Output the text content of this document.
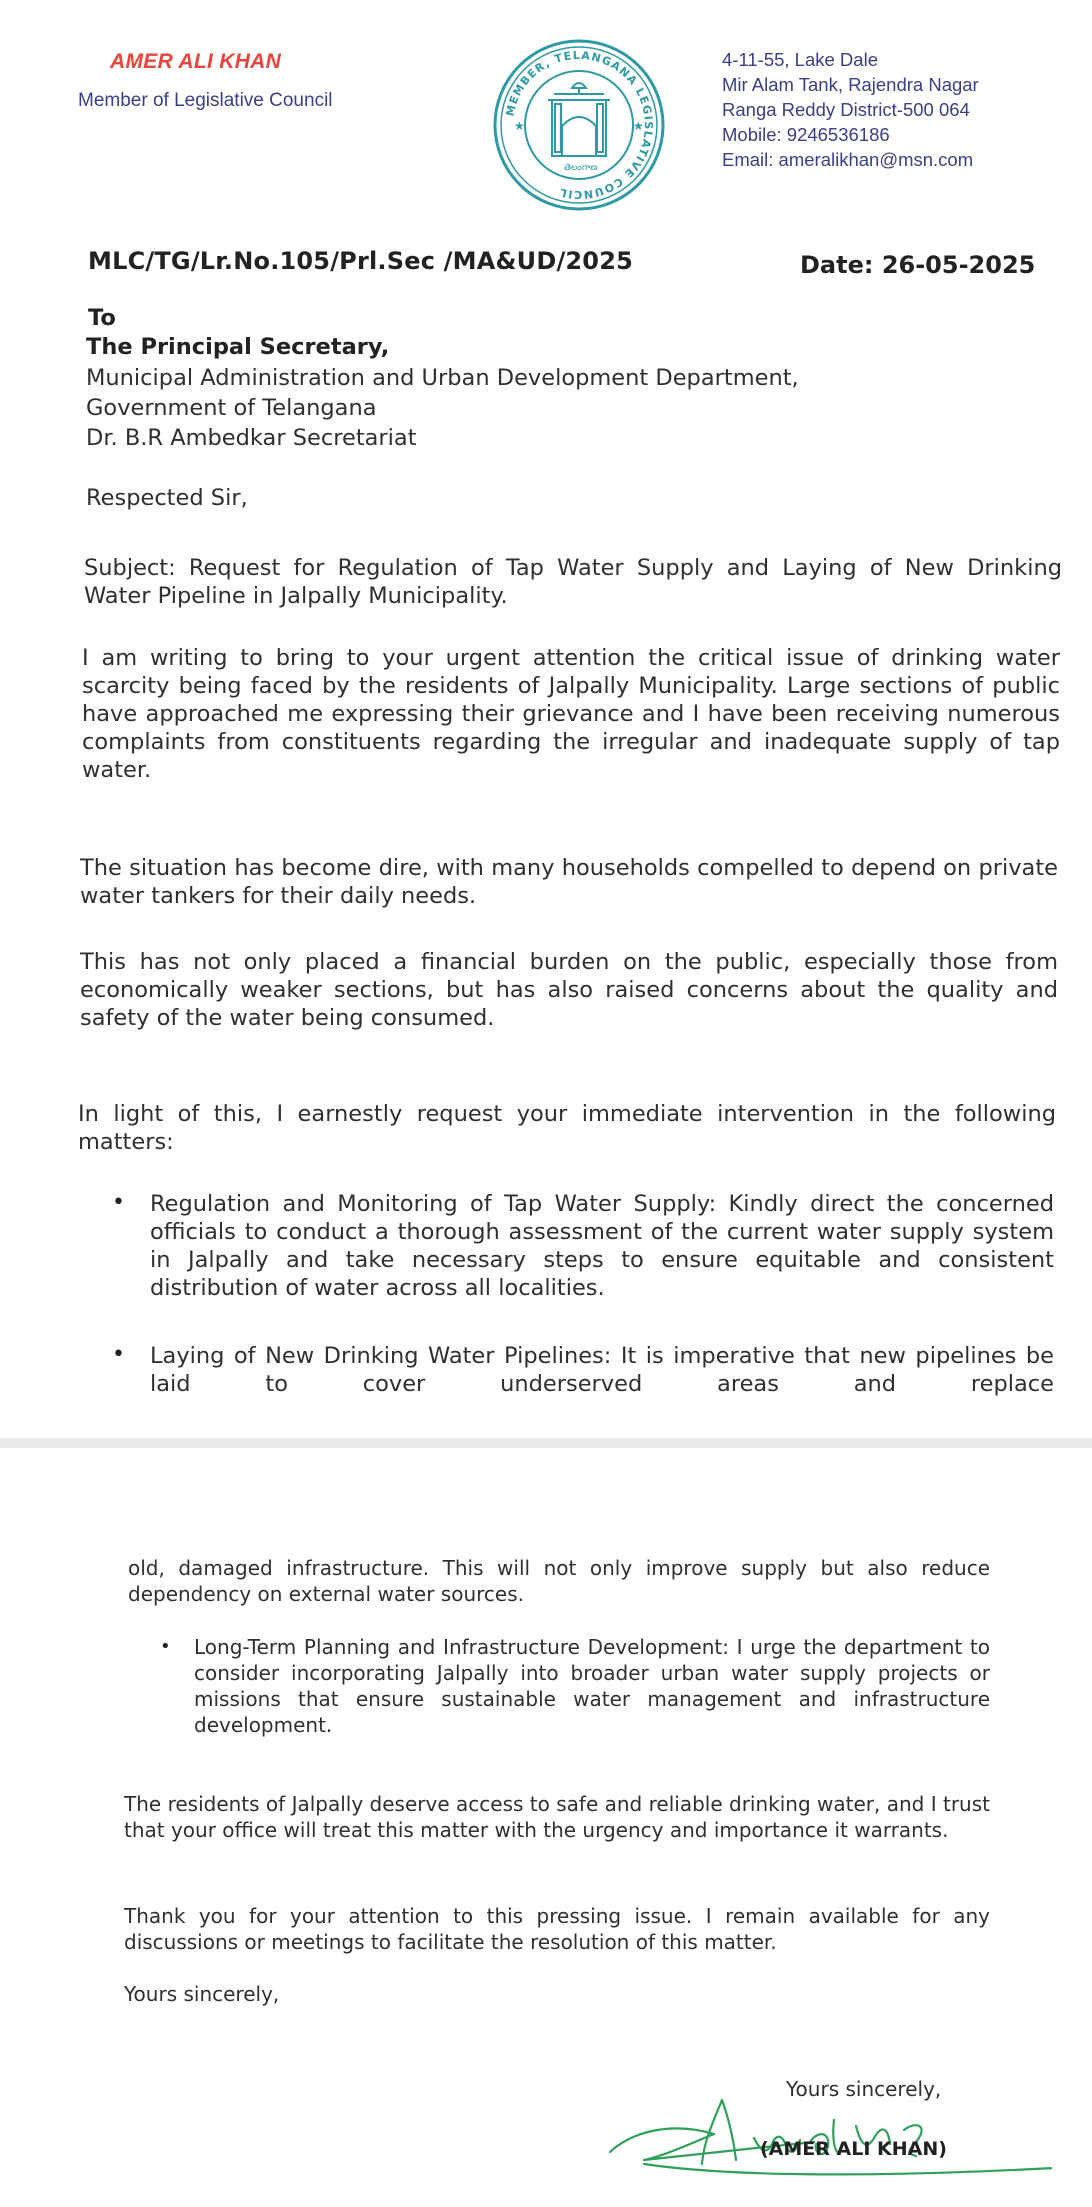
AMER ALI KHAN
Member of Legislative Council	MEMBER, TELANGANA LEGISLATIVE COUNCIL
తెలంగాణ
★	★
4-11-55, Lake Dale
Mir Alam Tank, Rajendra Nagar
Ranga Reddy District-500 064
Mobile: 9246536186
Email: ameralikhan@msn.com
MLC/TG/Lr.No.105/Prl.Sec /MA&UD/2025	Date: 26-05-2025
To
The Principal Secretary,
Municipal Administration and Urban Development Department,
Government of Telangana
Dr. B.R Ambedkar Secretariat
Respected Sir,
Subject: Request for Regulation of Tap Water Supply and Laying of New Drinking Water Pipeline in Jalpally Municipality.
I am writing to bring to your urgent attention the critical issue of drinking water scarcity being faced by the residents of Jalpally Municipality. Large sections of public have approached me expressing their grievance and I have been receiving numerous complaints from constituents regarding the irregular and inadequate supply of tap water.
The situation has become dire, with many households compelled to depend on private water tankers for their daily needs.
This has not only placed a financial burden on the public, especially those from economically weaker sections, but has also raised concerns about the quality and safety of the water being consumed.
In light of this, I earnestly request your immediate intervention in the following matters:
• Regulation and Monitoring of Tap Water Supply: Kindly direct the concerned officials to conduct a thorough assessment of the current water supply system in Jalpally and take necessary steps to ensure equitable and consistent distribution of water across all localities.
• Laying of New Drinking Water Pipelines: It is imperative that new pipelines be laid to cover underserved areas and replace
old, damaged infrastructure. This will not only improve supply but also reduce dependency on external water sources.
• Long-Term Planning and Infrastructure Development: I urge the department to consider incorporating Jalpally into broader urban water supply projects or missions that ensure sustainable water management and infrastructure development.
The residents of Jalpally deserve access to safe and reliable drinking water, and I trust that your office will treat this matter with the urgency and importance it warrants.
Thank you for your attention to this pressing issue. I remain available for any discussions or meetings to facilitate the resolution of this matter.
Yours sincerely,
Yours sincerely,
(AMER ALI KHAN)
